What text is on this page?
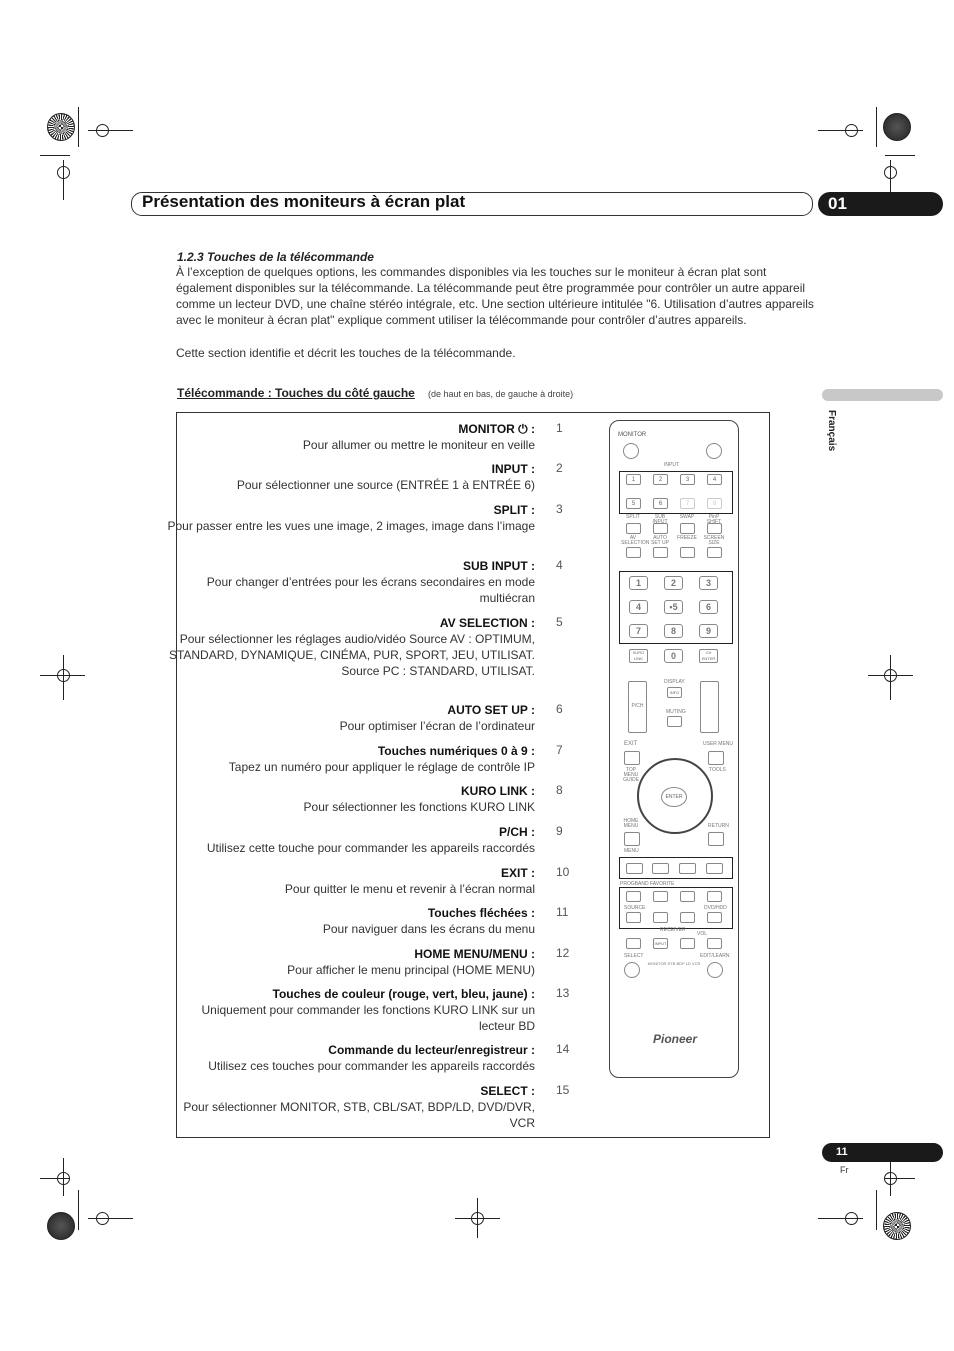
Présentation des moniteurs à écran plat	01
Français
1.2.3 Touches de la télécommande
À l’exception de quelques options, les commandes disponibles via les touches sur le moniteur à écran plat sont également disponibles sur la télécommande. La télécommande peut être programmée pour contrôler un autre appareil comme un lecteur DVD, une chaîne stéréo intégrale, etc. Une section ultérieure intitulée "6. Utilisation d’autres appareils avec le moniteur à écran plat" explique comment utiliser la télécommande pour contrôler d’autres appareils.
Cette section identifie et décrit les touches de la télécommande.
Télécommande : Touches du côté gauche (de haut en bas, de gauche à droite)
MONITOR ⏻ :
Pour allumer ou mettre le moniteur en veille
1
INPUT :
Pour sélectionner une source (ENTRÉE 1 à ENTRÉE 6)
2
SPLIT :
Pour passer entre les vues une image, 2 images, image dans l’image
3
SUB INPUT :
Pour changer d’entrées pour les écrans secondaires en mode multiécran
4
AV SELECTION :
Pour sélectionner les réglages audio/vidéo Source AV : OPTIMUM, STANDARD, DYNAMIQUE, CINÉMA, PUR, SPORT, JEU, UTILISAT. Source PC : STANDARD, UTILISAT.
5
AUTO SET UP :
Pour optimiser l’écran de l’ordinateur
6
Touches numériques 0 à 9 :
Tapez un numéro pour appliquer le réglage de contrôle IP
7
KURO LINK :
Pour sélectionner les fonctions KURO LINK
8
P/CH :
Utilisez cette touche pour commander les appareils raccordés
9
EXIT :
Pour quitter le menu et revenir à l’écran normal
10
Touches fléchées :
Pour naviguer dans les écrans du menu
11
HOME MENU/MENU :
Pour afficher le menu principal (HOME MENU)
12
Touches de couleur (rouge, vert, bleu, jaune) :
Uniquement pour commander les fonctions KURO LINK sur un lecteur BD
13
Commande du lecteur/enregistreur :
Utilisez ces touches pour commander les appareils raccordés
14
SELECT :
Pour sélectionner MONITOR, STB, CBL/SAT, BDP/LD, DVD/DVR, VCR
15
MONITOR
INPUT
1	2	3	4
5	6	7	8
SPLIT
AV SELECTION
SUB INPUT
AUTO SET UP
SWAP
FREEZE
PinP SHIFT
SCREEN SIZE
1	2	3
4	•5	6
7	8	9
KURO LINK	0	CH ENTER
P/CH
DISPLAY
INFO
MUTING
EXIT	USER MENU
TOP MENU GUIDE
TOOLS
ENTER
HOME MENU	RETURN
MENU
PROGBAND FAVORITE
SOURCE	DVD/HDD
RECEIVER
VOL
INPUT
SELECT	EDIT/LEARN
MONITOR STB BDP LD VCR
Pioneer
11
Fr
